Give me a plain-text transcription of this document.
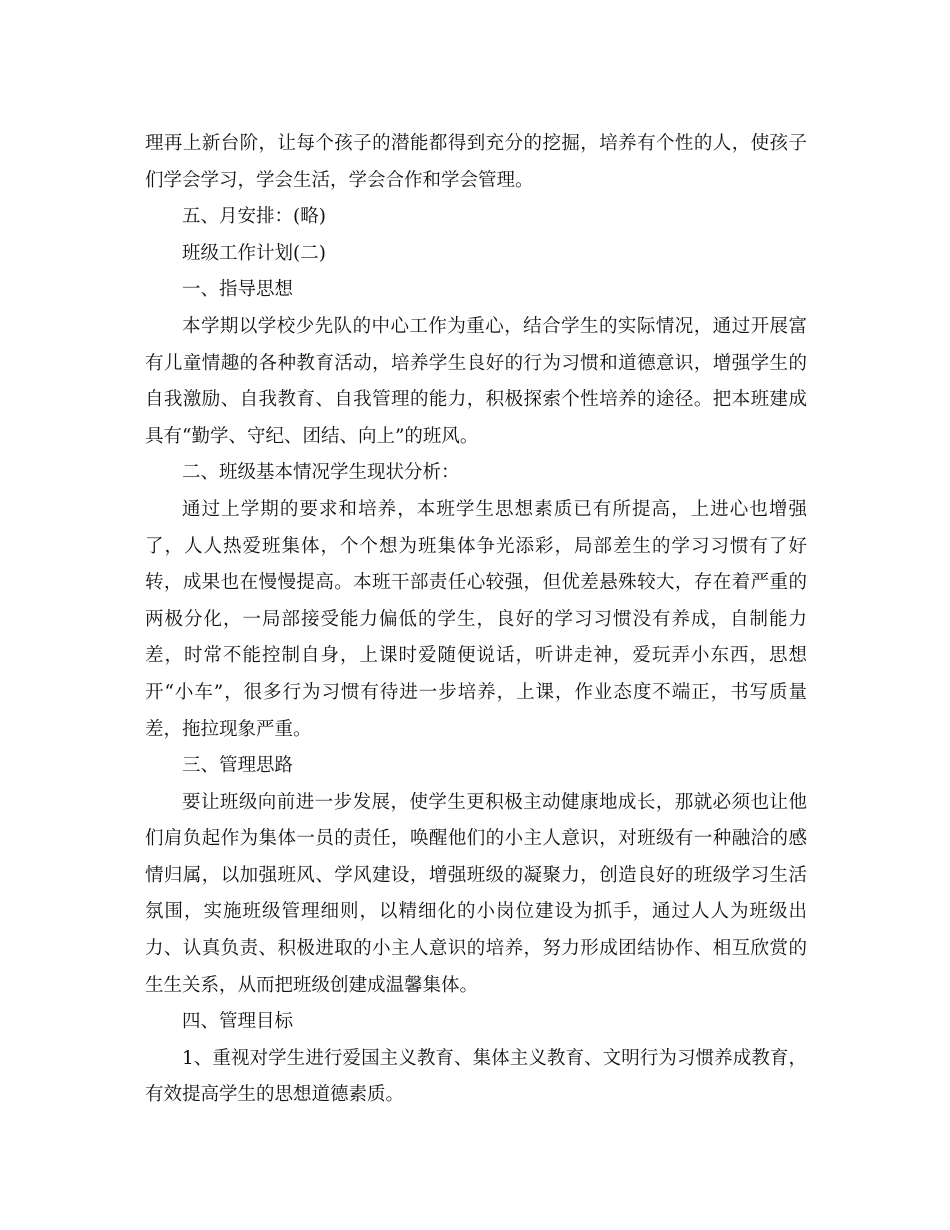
理再上新台阶，让每个孩子的潜能都得到充分的挖掘，培养有个性的人，使孩子们学会学习，学会生活，学会合作和学会管理。

五、月安排：(略)

班级工作计划(二)

一、指导思想

本学期以学校少先队的中心工作为重心，结合学生的实际情况，通过开展富有儿童情趣的各种教育活动，培养学生良好的行为习惯和道德意识，增强学生的自我激励、自我教育、自我管理的能力，积极探索个性培养的途径。把本班建成具有“勤学、守纪、团结、向上”的班风。

二、班级基本情况学生现状分析：

通过上学期的要求和培养，本班学生思想素质已有所提高，上进心也增强了，人人热爱班集体，个个想为班集体争光添彩，局部差生的学习习惯有了好转，成果也在慢慢提高。本班干部责任心较强，但优差悬殊较大，存在着严重的两极分化，一局部接受能力偏低的学生，良好的学习习惯没有养成，自制能力差，时常不能控制自身，上课时爱随便说话，听讲走神，爱玩弄小东西，思想开“小车”，很多行为习惯有待进一步培养，上课，作业态度不端正，书写质量差，拖拉现象严重。

三、管理思路

要让班级向前进一步发展，使学生更积极主动健康地成长，那就必须也让他们肩负起作为集体一员的责任，唤醒他们的小主人意识，对班级有一种融洽的感情归属，以加强班风、学风建设，增强班级的凝聚力，创造良好的班级学习生活氛围，实施班级管理细则，以精细化的小岗位建设为抓手，通过人人为班级出力、认真负责、积极进取的小主人意识的培养，努力形成团结协作、相互欣赏的生生关系，从而把班级创建成温馨集体。

四、管理目标

1、重视对学生进行爱国主义教育、集体主义教育、文明行为习惯养成教育，有效提高学生的思想道德素质。
